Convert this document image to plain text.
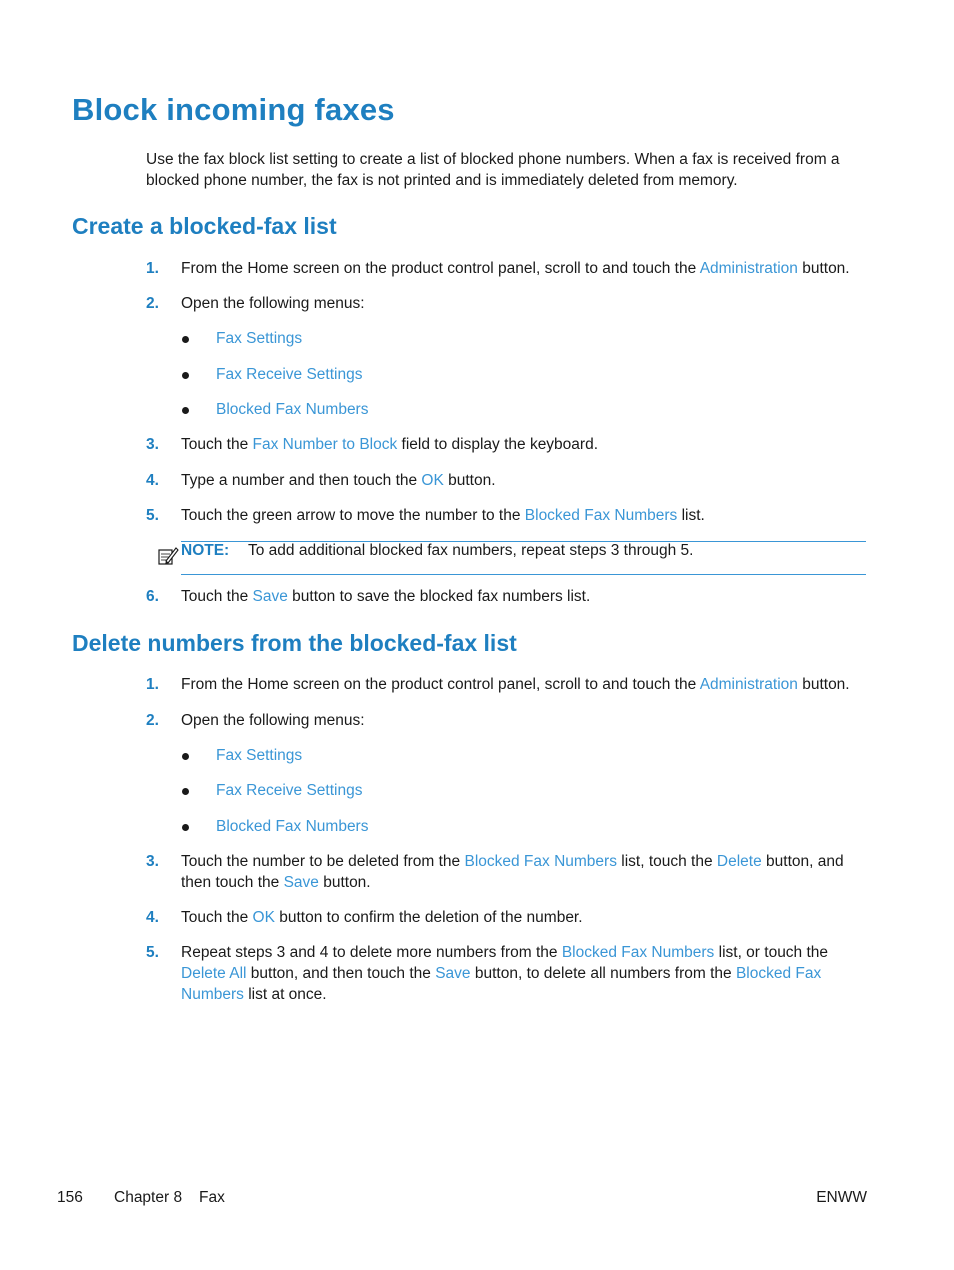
Block incoming faxes

Use the fax block list setting to create a list of blocked phone numbers. When a fax is received from a blocked phone number, the fax is not printed and is immediately deleted from memory.

Create a blocked-fax list
1. From the Home screen on the product control panel, scroll to and touch the Administration button.
2. Open the following menus:
Fax Settings
Fax Receive Settings
Blocked Fax Numbers
3. Touch the Fax Number to Block field to display the keyboard.
4. Type a number and then touch the OK button.
5. Touch the green arrow to move the number to the Blocked Fax Numbers list.
NOTE: To add additional blocked fax numbers, repeat steps 3 through 5.
6. Touch the Save button to save the blocked fax numbers list.
Delete numbers from the blocked-fax list
1. From the Home screen on the product control panel, scroll to and touch the Administration button.
2. Open the following menus:
Fax Settings
Fax Receive Settings
Blocked Fax Numbers
3. Touch the number to be deleted from the Blocked Fax Numbers list, touch the Delete button, and then touch the Save button.
4. Touch the OK button to confirm the deletion of the number.
5. Repeat steps 3 and 4 to delete more numbers from the Blocked Fax Numbers list, or touch the Delete All button, and then touch the Save button, to delete all numbers from the Blocked Fax Numbers list at once.
156 Chapter 8 Fax	ENWW
